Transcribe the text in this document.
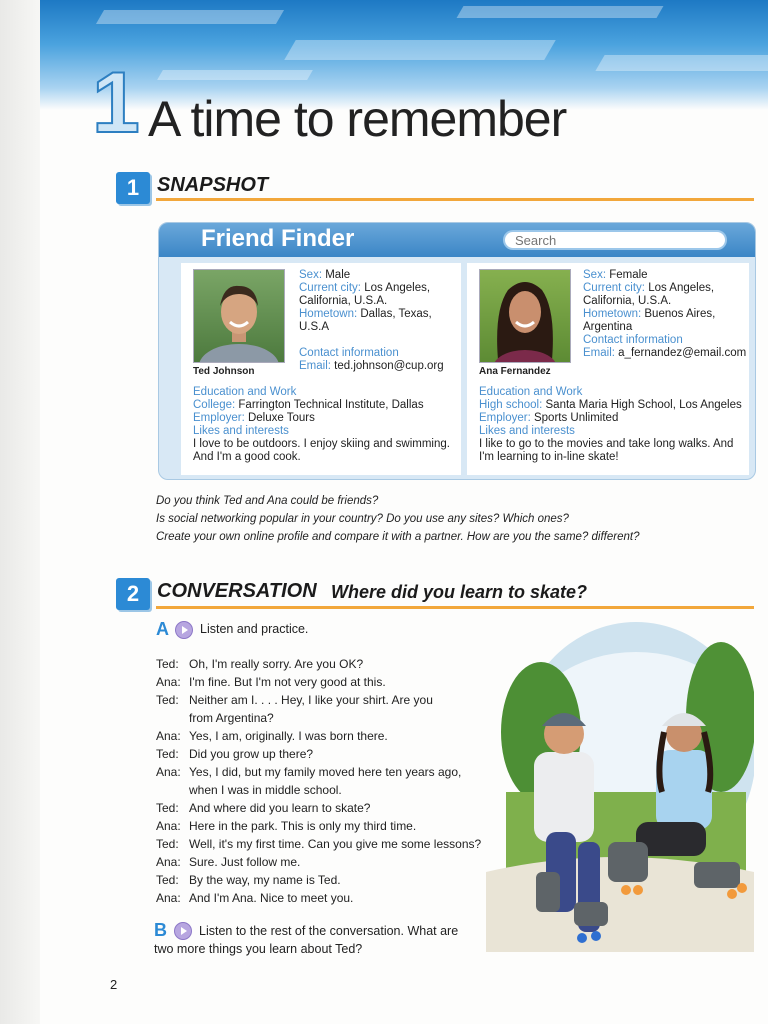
1 A time to remember
1 SNAPSHOT
Friend Finder
Search
Ted Johnson
Sex: Male
Current city: Los Angeles,
California, U.S.A.
Hometown: Dallas, Texas, U.S.A

Contact information
Email: ted.johnson@cup.org
Education and Work
College: Farrington Technical Institute, Dallas
Employer: Deluxe Tours
Likes and interests
I love to be outdoors. I enjoy skiing and swimming.
And I'm a good cook.
Ana Fernandez
Sex: Female
Current city: Los Angeles,
California, U.S.A.
Hometown: Buenos Aires,
Argentina
Contact information
Email: a_fernandez@email.com
Education and Work
High school: Santa Maria High School, Los Angeles
Employer: Sports Unlimited
Likes and interests
I like to go to the movies and take long walks. And
I'm learning to in-line skate!
Do you think Ted and Ana could be friends?
Is social networking popular in your country? Do you use any sites? Which ones?
Create your own online profile and compare it with a partner. How are you the same? different?
2 CONVERSATION Where did you learn to skate?
A Listen and practice.
Ted: Oh, I'm really sorry. Are you OK?
Ana: I'm fine. But I'm not very good at this.
Ted: Neither am I. . . . Hey, I like your shirt. Are you
from Argentina?
Ana: Yes, I am, originally. I was born there.
Ted: Did you grow up there?
Ana: Yes, I did, but my family moved here ten years ago,
when I was in middle school.
Ted: And where did you learn to skate?
Ana: Here in the park. This is only my third time.
Ted: Well, it's my first time. Can you give me some lessons?
Ana: Sure. Just follow me.
Ted: By the way, my name is Ted.
Ana: And I'm Ana. Nice to meet you.
B	Listen to the rest of the conversation. What are
two more things you learn about Ted?
2
